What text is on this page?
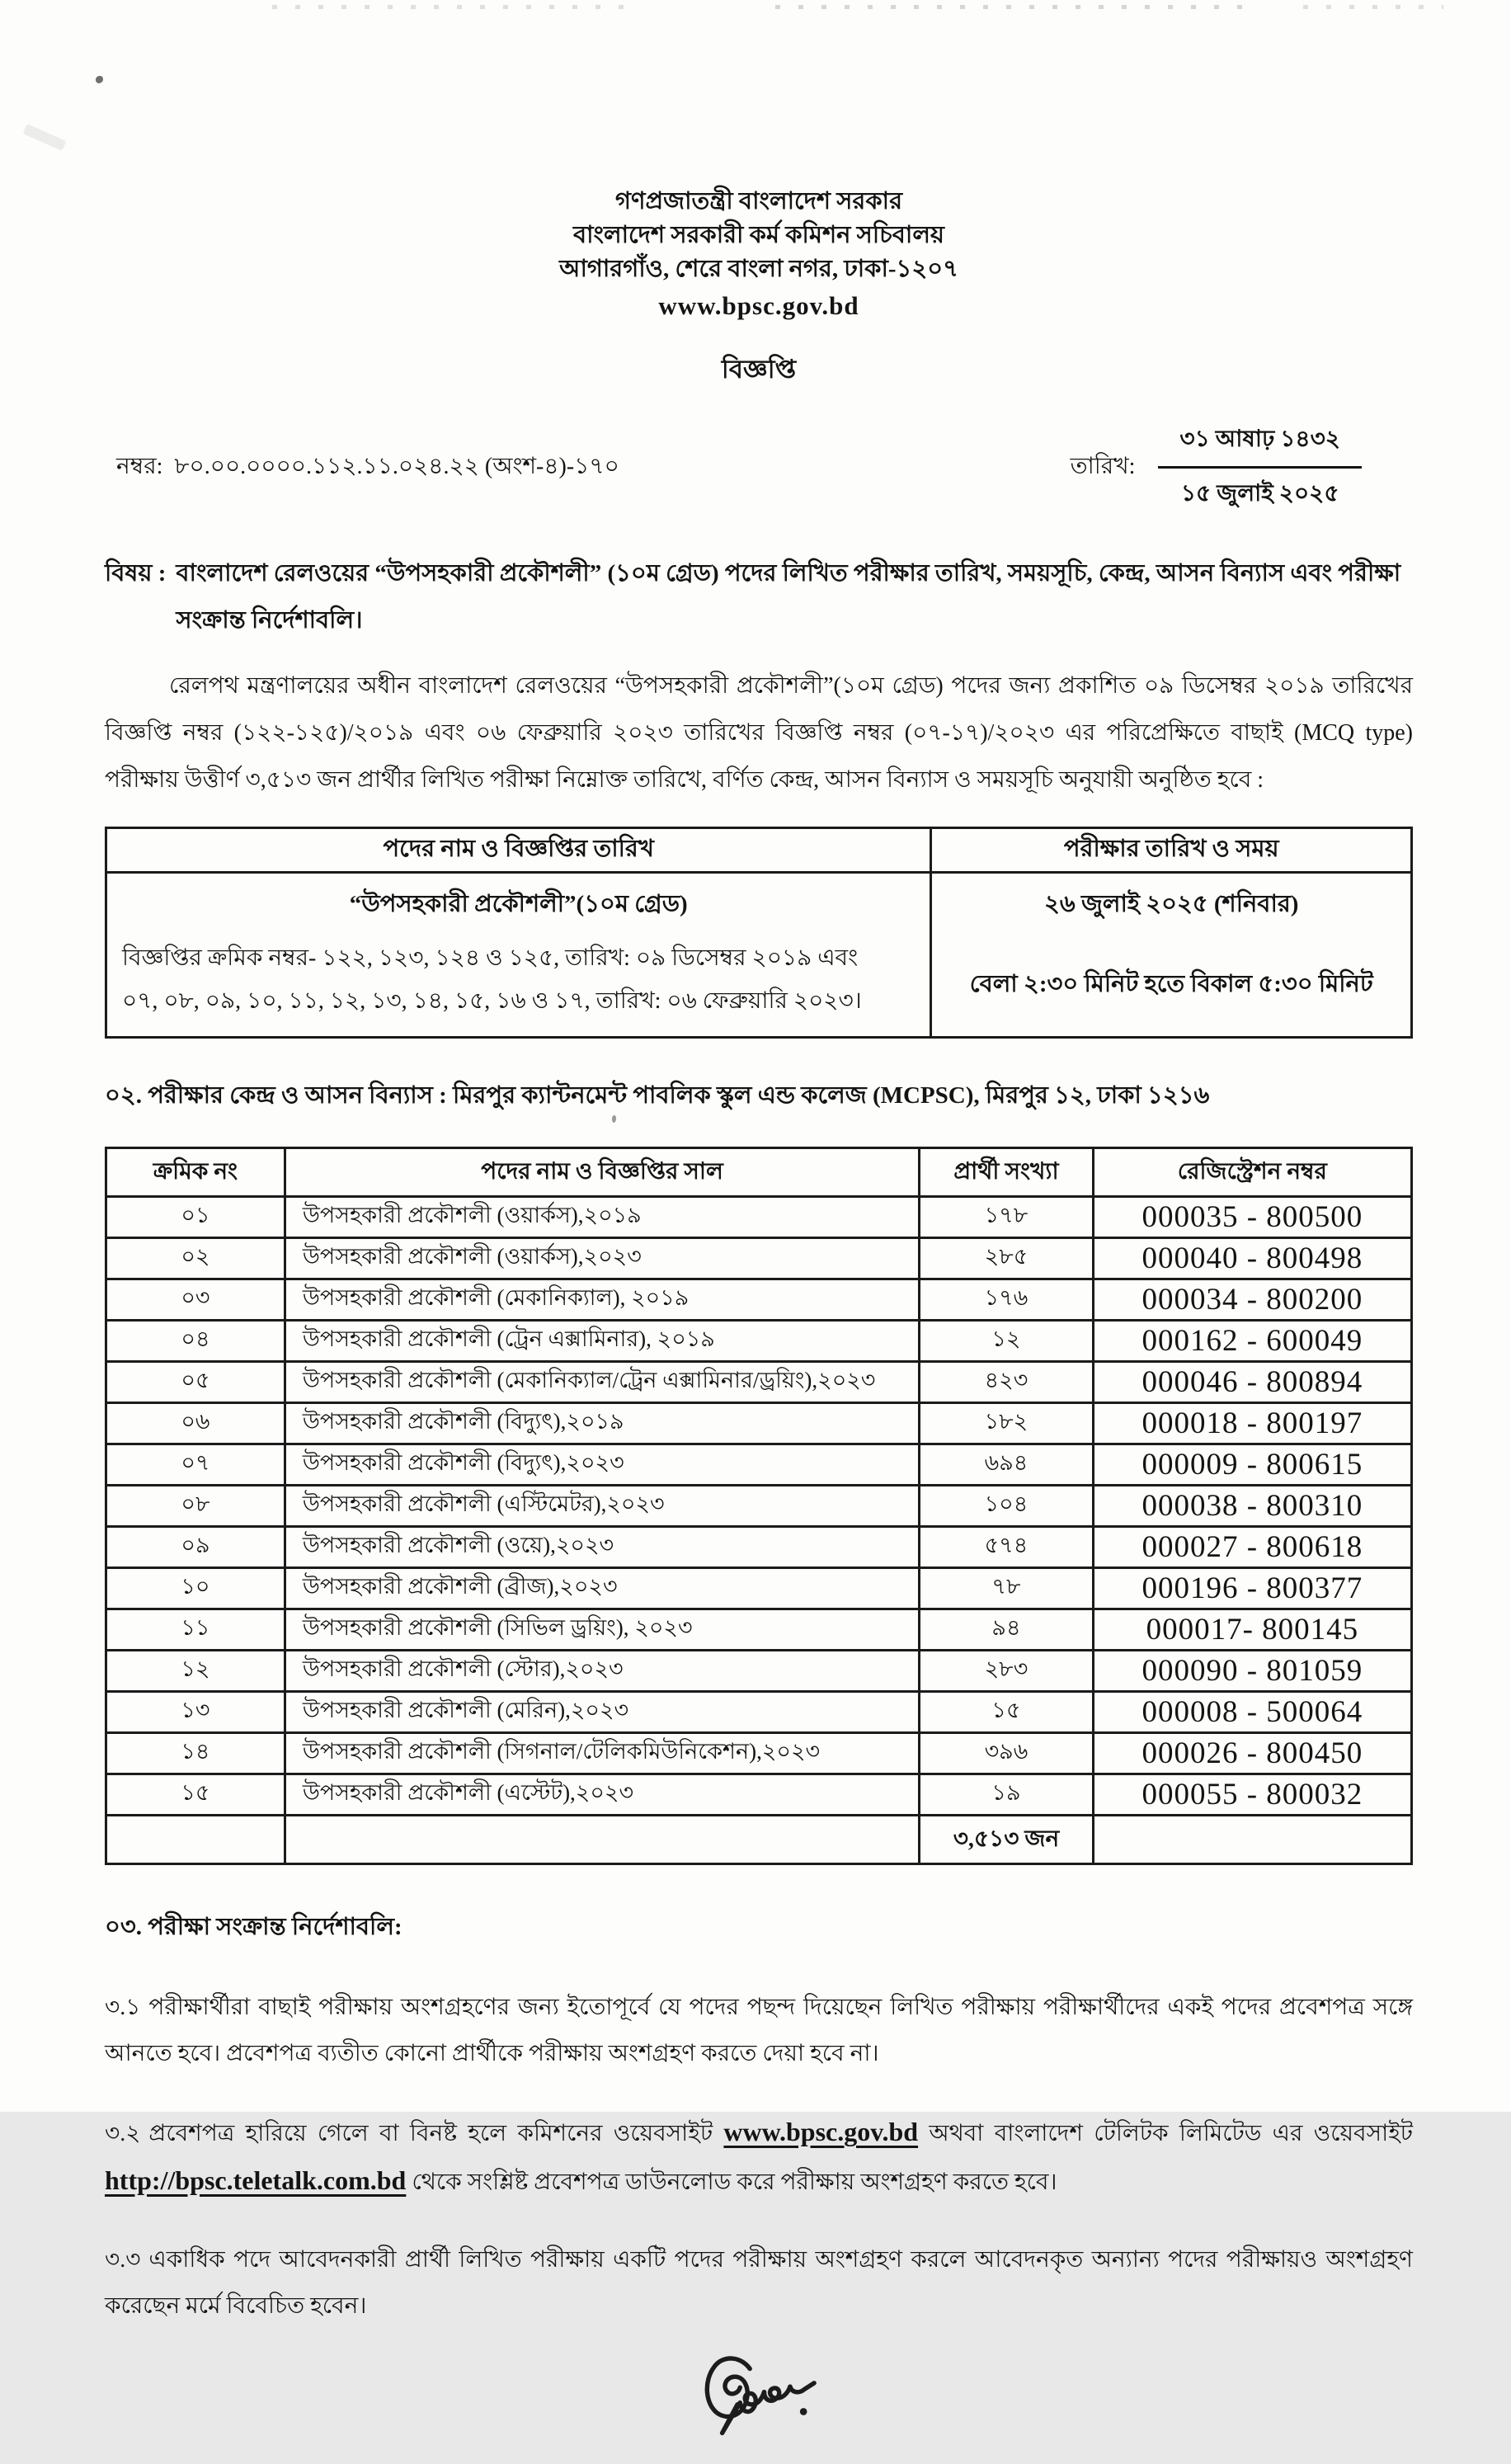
গণপ্রজাতন্ত্রী বাংলাদেশ সরকার
বাংলাদেশ সরকারী কর্ম কমিশন সচিবালয়
আগারগাঁও, শেরে বাংলা নগর, ঢাকা-১২০৭
www.bpsc.gov.bd
বিজ্ঞপ্তি
নম্বর: ৮০.০০.০০০০.১১২.১১.০২৪.২২ (অংশ-৪)-১৭০	তারিখ: $\frac{\text{৩১ আষাঢ় ১৪৩২}}{\text{১৫ জুলাই ২০২৫}}$
বিষয় : বাংলাদেশ রেলওয়ের “উপসহকারী প্রকৌশলী” (১০ম গ্রেড) পদের লিখিত পরীক্ষার তারিখ, সময়সূচি, কেন্দ্র, আসন বিন্যাস এবং পরীক্ষা সংক্রান্ত নির্দেশাবলি।

রেলপথ মন্ত্রণালয়ের অধীন বাংলাদেশ রেলওয়ের “উপসহকারী প্রকৌশলী”(১০ম গ্রেড) পদের জন্য প্রকাশিত ০৯ ডিসেম্বর ২০১৯ তারিখের বিজ্ঞপ্তি নম্বর (১২২-১২৫)/২০১৯ এবং ০৬ ফেব্রুয়ারি ২০২৩ তারিখের বিজ্ঞপ্তি নম্বর (০৭-১৭)/২০২৩ এর পরিপ্রেক্ষিতে বাছাই (MCQ type) পরীক্ষায় উত্তীর্ণ ৩,৫১৩ জন প্রার্থীর লিখিত পরীক্ষা নিম্নোক্ত তারিখে, বর্ণিত কেন্দ্র, আসন বিন্যাস ও সময়সূচি অনুযায়ী অনুষ্ঠিত হবে :

পদের নাম ও বিজ্ঞপ্তির তারিখ	পরীক্ষার তারিখ ও সময়

“উপসহকারী প্রকৌশলী”(১০ম গ্রেড)
বিজ্ঞপ্তির ক্রমিক নম্বর- ১২২, ১২৩, ১২৪ ও ১২৫, তারিখ: ০৯ ডিসেম্বর ২০১৯ এবং
০৭, ০৮, ০৯, ১০, ১১, ১২, ১৩, ১৪, ১৫, ১৬ ও ১৭, তারিখ: ০৬ ফেব্রুয়ারি ২০২৩।

২৬ জুলাই ২০২৫ (শনিবার)
বেলা ২:৩০ মিনিট হতে বিকাল ৫:৩০ মিনিট
০২. পরীক্ষার কেন্দ্র ও আসন বিন্যাস : মিরপুর ক্যান্টনমেন্ট পাবলিক স্কুল এন্ড কলেজ (MCPSC), মিরপুর ১২, ঢাকা ১২১৬
ক্রমিক নং	পদের নাম ও বিজ্ঞপ্তির সাল	প্রার্থী সংখ্যা	রেজিস্ট্রেশন নম্বর
০১	উপসহকারী প্রকৌশলী (ওয়ার্কস),২০১৯	১৭৮	000035 - 800500
০২	উপসহকারী প্রকৌশলী (ওয়ার্কস),২০২৩	২৮৫	000040 - 800498
০৩	উপসহকারী প্রকৌশলী (মেকানিক্যাল), ২০১৯	১৭৬	000034 - 800200
০৪	উপসহকারী প্রকৌশলী (ট্রেন এক্সামিনার), ২০১৯	১২	000162 - 600049
০৫	উপসহকারী প্রকৌশলী (মেকানিক্যাল/ট্রেন এক্সামিনার/ড্রয়িং),২০২৩	৪২৩	000046 - 800894
০৬	উপসহকারী প্রকৌশলী (বিদ্যুৎ),২০১৯	১৮২	000018 - 800197
০৭	উপসহকারী প্রকৌশলী (বিদ্যুৎ),২০২৩	৬৯৪	000009 - 800615
০৮	উপসহকারী প্রকৌশলী (এস্টিমেটর),২০২৩	১০৪	000038 - 800310
০৯	উপসহকারী প্রকৌশলী (ওয়ে),২০২৩	৫৭৪	000027 - 800618
১০	উপসহকারী প্রকৌশলী (ব্রীজ),২০২৩	৭৮	000196 - 800377
১১	উপসহকারী প্রকৌশলী (সিভিল ড্রয়িং), ২০২৩	৯৪	000017- 800145
১২	উপসহকারী প্রকৌশলী (স্টোর),২০২৩	২৮৩	000090 - 801059
১৩	উপসহকারী প্রকৌশলী (মেরিন),২০২৩	১৫	000008 - 500064
১৪	উপসহকারী প্রকৌশলী (সিগনাল/টেলিকমিউনিকেশন),২০২৩	৩৯৬	000026 - 800450
১৫	উপসহকারী প্রকৌশলী (এস্টেট),২০২৩	১৯	000055 - 800032
		৩,৫১৩ জন	
০৩. পরীক্ষা সংক্রান্ত নির্দেশাবলি:

৩.১ পরীক্ষার্থীরা বাছাই পরীক্ষায় অংশগ্রহণের জন্য ইতোপূর্বে যে পদের পছন্দ দিয়েছেন লিখিত পরীক্ষায় পরীক্ষার্থীদের একই পদের প্রবেশপত্র সঙ্গে আনতে হবে। প্রবেশপত্র ব্যতীত কোনো প্রার্থীকে পরীক্ষায় অংশগ্রহণ করতে দেয়া হবে না।

৩.২ প্রবেশপত্র হারিয়ে গেলে বা বিনষ্ট হলে কমিশনের ওয়েবসাইট www.bpsc.gov.bd অথবা বাংলাদেশ টেলিটক লিমিটেড এর ওয়েবসাইট http://bpsc.teletalk.com.bd থেকে সংশ্লিষ্ট প্রবেশপত্র ডাউনলোড করে পরীক্ষায় অংশগ্রহণ করতে হবে।

৩.৩ একাধিক পদে আবেদনকারী প্রার্থী লিখিত পরীক্ষায় একটি পদের পরীক্ষায় অংশগ্রহণ করলে আবেদনকৃত অন্যান্য পদের পরীক্ষায়ও অংশগ্রহণ করেছেন মর্মে বিবেচিত হবেন।
